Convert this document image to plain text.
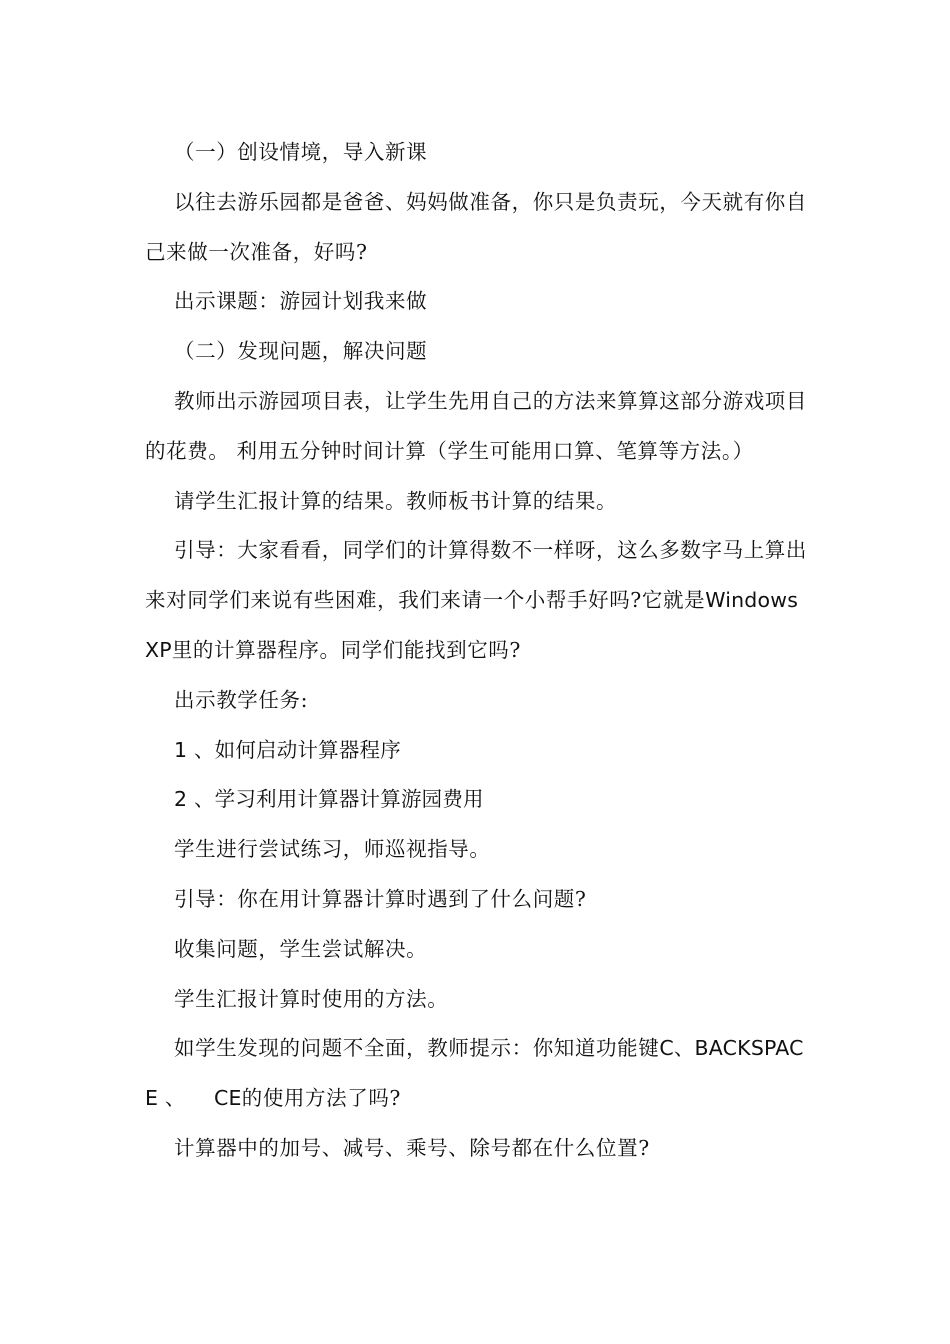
（一）创设情境，导入新课

以往去游乐园都是爸爸、妈妈做准备，你只是负责玩，今天就有你自己来做一次准备，好吗?

出示课题：游园计划我来做

（二）发现问题，解决问题

教师出示游园项目表，让学生先用自己的方法来算算这部分游戏项目的花费。 利用五分钟时间计算（学生可能用口算、笔算等方法。）

请学生汇报计算的结果。教师板书计算的结果。

引导：大家看看，同学们的计算得数不一样呀，这么多数字马上算出来对同学们来说有些困难，我们来请一个小帮手好吗?它就是WindowsXP里的计算器程序。同学们能找到它吗?

出示教学任务:

1 、如何启动计算器程序

2 、学习利用计算器计算游园费用

学生进行尝试练习，师巡视指导。

引导：你在用计算器计算时遇到了什么问题?

收集问题，学生尝试解决。

学生汇报计算时使用的方法。

如学生发现的问题不全面，教师提示：你知道功能键C、BACKSPACE 、 CE的使用方法了吗?

计算器中的加号、减号、乘号、除号都在什么位置?
